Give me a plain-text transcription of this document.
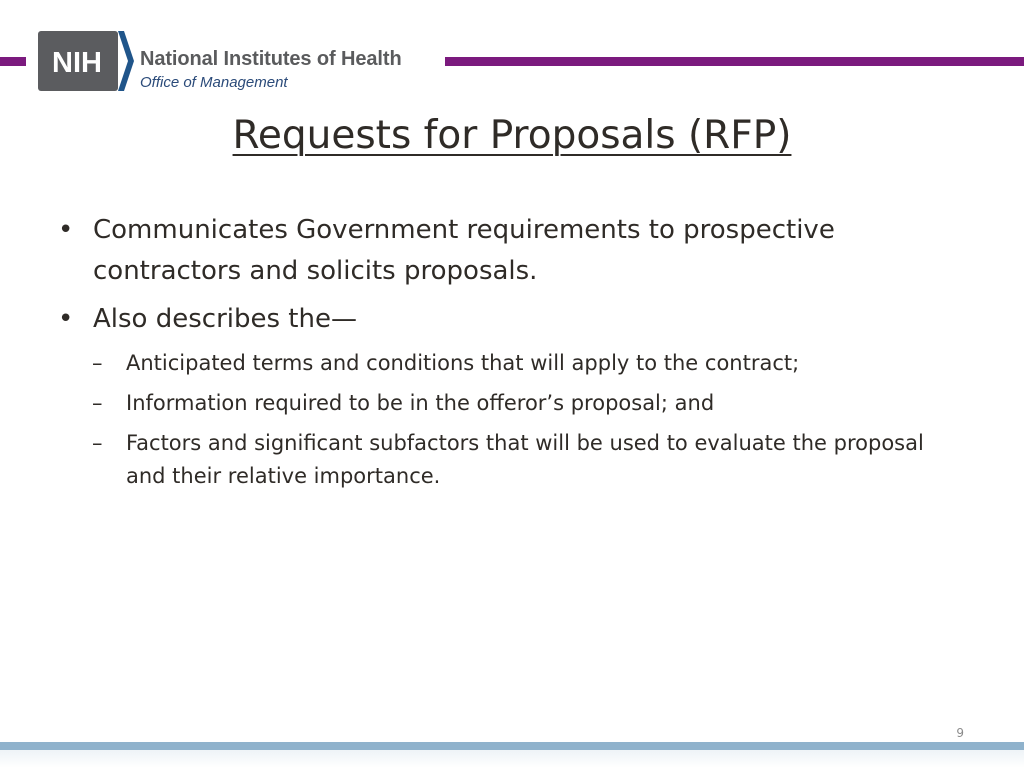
NIH National Institutes of Health
Office of Management
Requests for Proposals (RFP)
• Communicates Government requirements to prospective contractors and solicits proposals.
• Also describes the—
–	Anticipated terms and conditions that will apply to the contract;
–	Information required to be in the offeror’s proposal; and
–	Factors and significant subfactors that will be used to evaluate the proposal and their relative importance.
9
